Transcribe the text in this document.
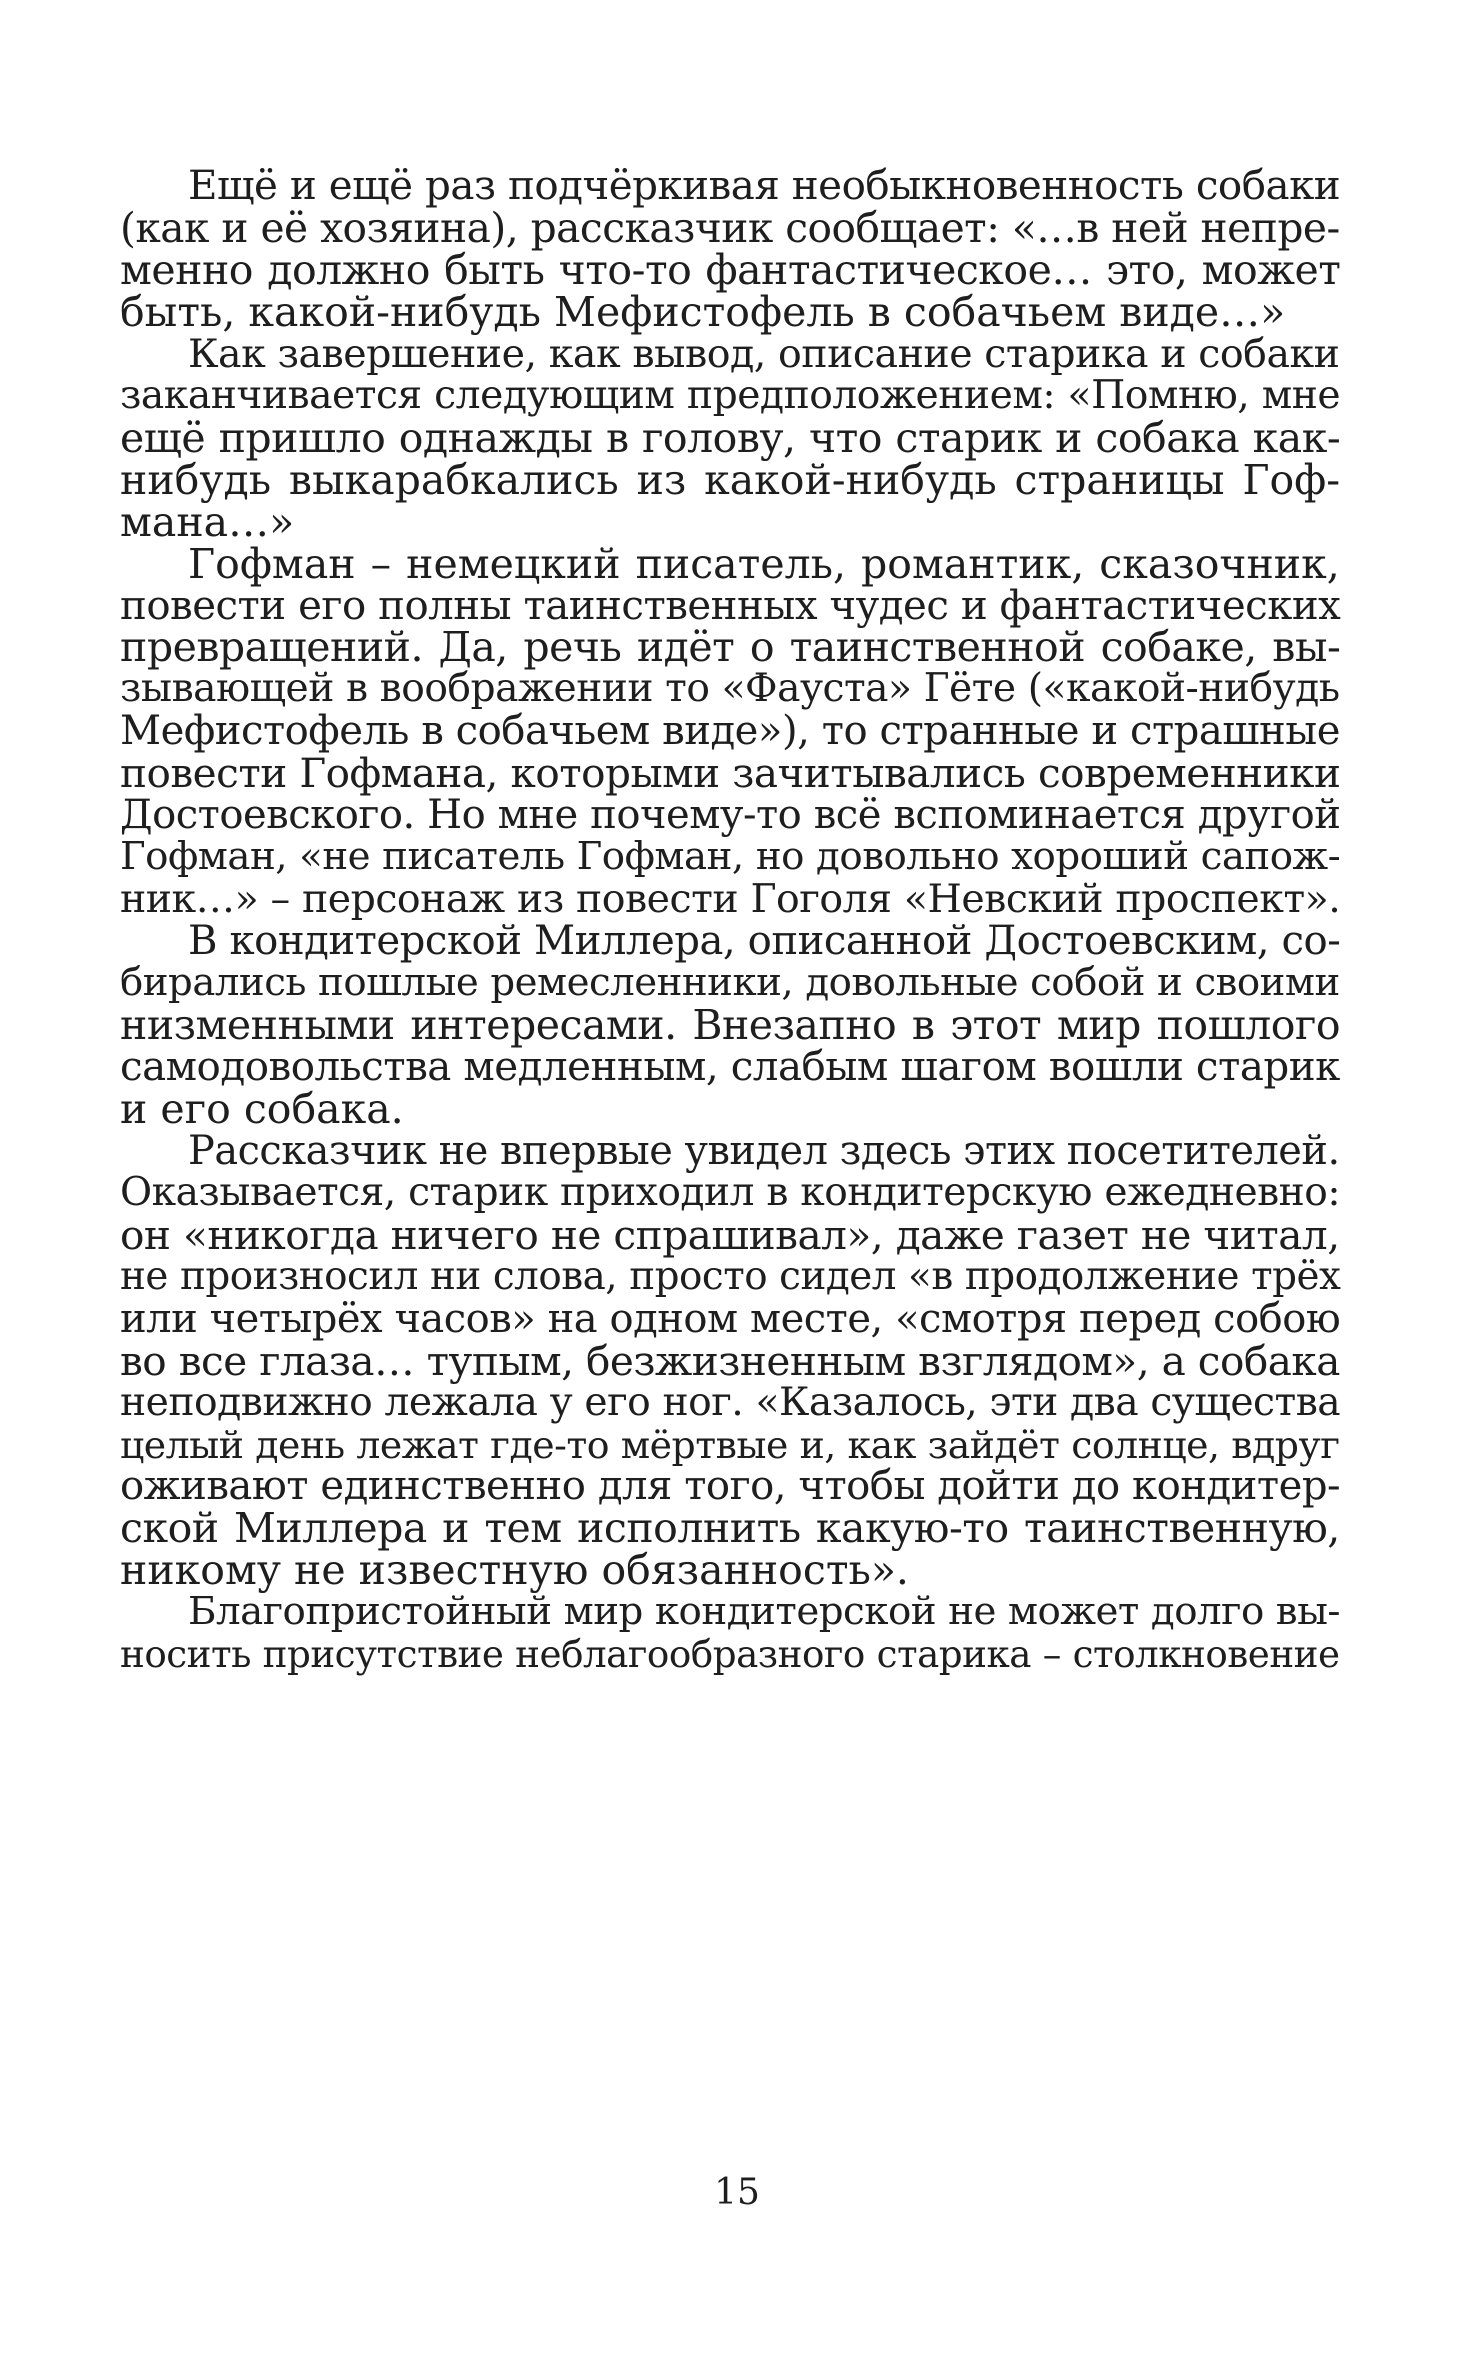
Ещё и ещё раз подчёркивая необыкновенность собаки
(как и её хозяина), рассказчик сообщает: «…в ней непре-
менно должно быть что-то фантастическое… это, может
быть, какой-нибудь Мефистофель в собачьем виде…»
Как завершение, как вывод, описание старика и собаки
заканчивается следующим предположением: «Помню, мне
ещё пришло однажды в голову, что старик и собака как-
нибудь выкарабкались из какой-нибудь страницы Гоф-
мана…»
Гофман – немецкий писатель, романтик, сказочник,
повести его полны таинственных чудес и фантастических
превращений. Да, речь идёт о таинственной собаке, вы-
зывающей в воображении то «Фауста» Гёте («какой-нибудь
Мефистофель в собачьем виде»), то странные и страшные
повести Гофмана, которыми зачитывались современники
Достоевского. Но мне почему-то всё вспоминается другой
Гофман, «не писатель Гофман, но довольно хороший сапож-
ник…» – персонаж из повести Гоголя «Невский проспект».
В кондитерской Миллера, описанной Достоевским, со-
бирались пошлые ремесленники, довольные собой и своими
низменными интересами. Внезапно в этот мир пошлого
самодовольства медленным, слабым шагом вошли старик
и его собака.
Рассказчик не впервые увидел здесь этих посетителей.
Оказывается, старик приходил в кондитерскую ежедневно:
он «никогда ничего не спрашивал», даже газет не читал,
не произносил ни слова, просто сидел «в продолжение трёх
или четырёх часов» на одном месте, «смотря перед собою
во все глаза… тупым, безжизненным взглядом», а собака
неподвижно лежала у его ног. «Казалось, эти два существа
целый день лежат где-то мёртвые и, как зайдёт солнце, вдруг
оживают единственно для того, чтобы дойти до кондитер-
ской Миллера и тем исполнить какую-то таинственную,
никому не известную обязанность».
Благопристойный мир кондитерской не может долго вы-
носить присутствие неблагообразного старика – столкновение
15
